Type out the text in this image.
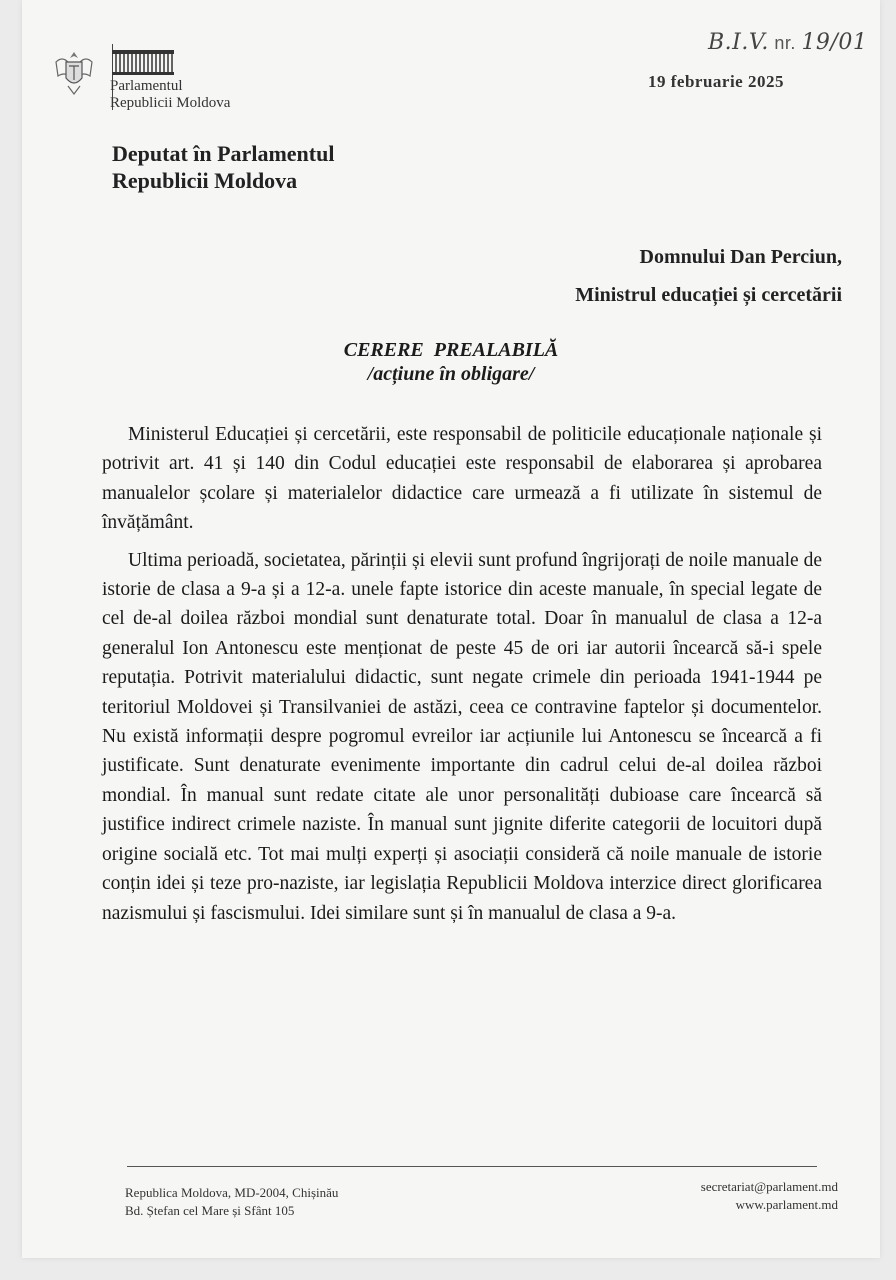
Parlamentul
Republicii Moldova
B.I.V. nr. 19/01
19 februarie 2025
Deputat în Parlamentul
Republicii Moldova
Domnului Dan Perciun,
Ministrul educației și cercetării
CERERE  PREALABILĂ
/acțiune în obligare/

Ministerul Educației și cercetării, este responsabil de politicile educaționale naționale și potrivit art. 41 și 140 din Codul educației este responsabil de elaborarea și aprobarea manualelor școlare și materialelor didactice care urmează a fi utilizate în sistemul de învățământ.

Ultima perioadă, societatea, părinții și elevii sunt profund îngrijorați de noile manuale de istorie de clasa a 9-a și a 12-a. unele fapte istorice din aceste manuale, în special legate de cel de-al doilea război mondial sunt denaturate total. Doar în manualul de clasa a 12-a generalul Ion Antonescu este menționat de peste 45 de ori iar autorii încearcă să-i spele reputația. Potrivit materialului didactic, sunt negate crimele din perioada 1941-1944 pe teritoriul Moldovei și Transilvaniei de astăzi, ceea ce contravine faptelor și documentelor. Nu există informații despre pogromul evreilor iar acțiunile lui Antonescu se încearcă a fi justificate. Sunt denaturate evenimente importante din cadrul celui de-al doilea război mondial. În manual sunt redate citate ale unor personalități dubioase care încearcă să justifice indirect crimele naziste. În manual sunt jignite diferite categorii de locuitori după origine socială etc. Tot mai mulți experți și asociații consideră că noile manuale de istorie conțin idei și teze pro-naziste, iar legislația Republicii Moldova interzice direct glorificarea nazismului și fascismului. Idei similare sunt și în manualul de clasa a 9-a.

Republica Moldova, MD-2004, Chișinău
Bd. Ștefan cel Mare și Sfânt 105
secretariat@parlament.md
www.parlament.md
